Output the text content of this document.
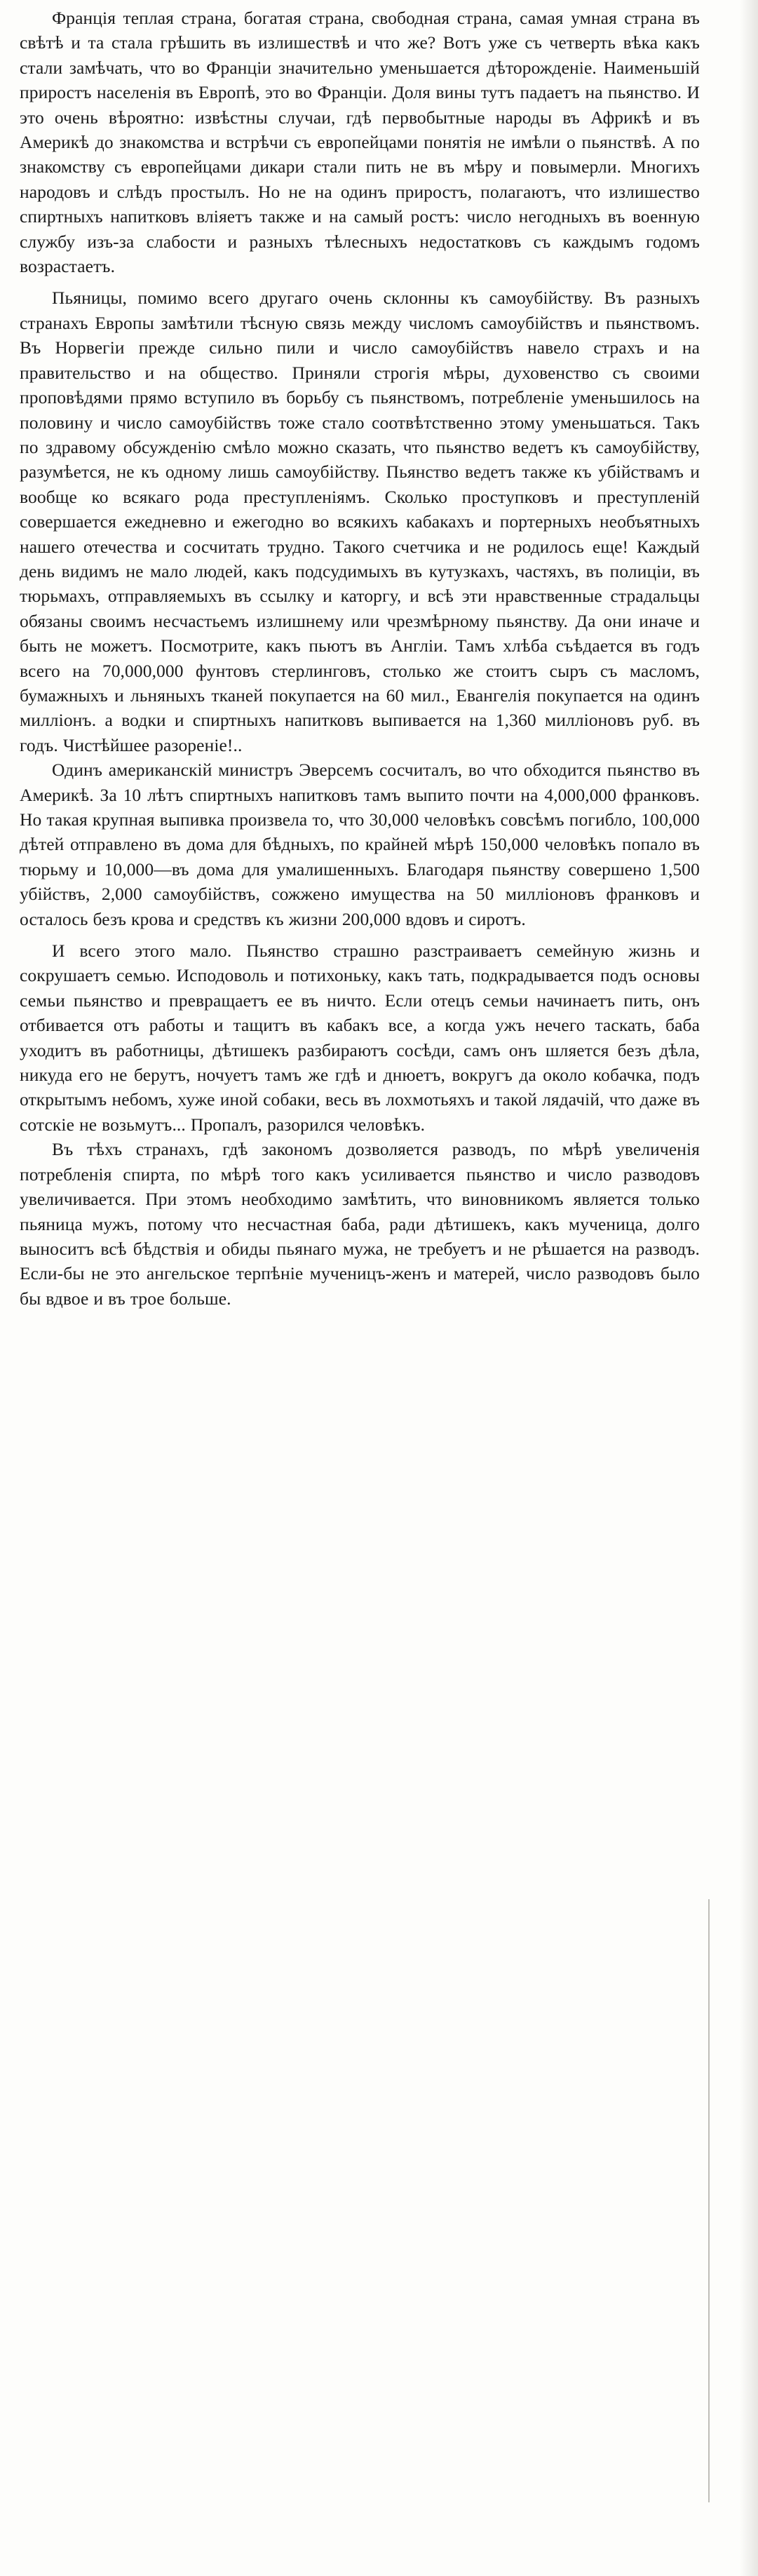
Франція теплая страна, богатая страна, свободная страна, самая умная страна въ свѣтѣ и та стала грѣшить въ излишествѣ и что же? Вотъ уже съ четверть вѣка какъ стали замѣчать, что во Франціи значительно уменьшается дѣторожденіе. Наименьшій приростъ населенія въ Европѣ, это во Франціи. Доля вины тутъ падаетъ на пьянство. И это очень вѣроятно: извѣстны случаи, гдѣ первобытные народы въ Африкѣ и въ Америкѣ до знакомства и встрѣчи съ европейцами понятія не имѣли о пьянствѣ. А по знакомству съ европейцами дикари стали пить не въ мѣру и повымерли. Многихъ народовъ и слѣдъ простылъ. Но не на одинъ приростъ, полагаютъ, что излишество спиртныхъ напитковъ вліяетъ также и на самый ростъ: число негодныхъ въ военную службу изъ-за слабости и разныхъ тѣлесныхъ недостатковъ съ каждымъ годомъ возрастаетъ.

Пьяницы, помимо всего другаго очень склонны къ самоубійству. Въ разныхъ странахъ Европы замѣтили тѣсную связь между числомъ самоубійствъ и пьянствомъ. Въ Норвегіи прежде сильно пили и число самоубійствъ навело страхъ и на правительство и на общество. Приняли строгія мѣры, духовенство съ своими проповѣдями прямо вступило въ борьбу съ пьянствомъ, потребленіе уменьшилось на половину и число самоубійствъ тоже стало соотвѣтственно этому уменьшаться. Такъ по здравому обсужденію смѣло можно сказать, что пьянство ведетъ къ самоубійству, разумѣется, не къ одному лишь самоубійству. Пьянство ведетъ также къ убійствамъ и вообще ко всякаго рода преступленіямъ. Сколько проступковъ и преступленій совершается ежедневно и ежегодно во всякихъ кабакахъ и портерныхъ необъятныхъ нашего отечества и сосчитать трудно. Такого счетчика и не родилось еще! Каждый день видимъ не мало людей, какъ подсудимыхъ въ кутузкахъ, частяхъ, въ полиціи, въ тюрьмахъ, отправляемыхъ въ ссылку и каторгу, и всѣ эти нравственные страдальцы обязаны своимъ несчастьемъ излишнему или чрезмѣрному пьянству. Да они иначе и быть не можетъ. Посмотрите, какъ пьютъ въ Англіи. Тамъ хлѣба съѣдается въ годъ всего на 70,000,000 фунтовъ стерлинговъ, столько же стоитъ сыръ съ масломъ, бумажныхъ и льняныхъ тканей покупается на 60 мил., Евангелія покупается на одинъ милліонъ. а водки и спиртныхъ напитковъ выпивается на 1,360 милліоновъ руб. въ годъ. Чистѣйшее разореніе!..

Одинъ американскій министръ Эверсемъ сосчиталъ, во что обходится пьянство въ Америкѣ. За 10 лѣтъ спиртныхъ напитковъ тамъ выпито почти на 4,000,000 франковъ. Но такая крупная выпивка произвела то, что 30,000 человѣкъ совсѣмъ погибло, 100,000 дѣтей отправлено въ дома для бѣдныхъ, по крайней мѣрѣ 150,000 человѣкъ попало въ тюрьму и 10,000—въ дома для умалишенныхъ. Благодаря пьянству совершено 1,500 убійствъ, 2,000 самоубійствъ, сожжено имущества на 50 милліоновъ франковъ и осталось безъ крова и средствъ къ жизни 200,000 вдовъ и сиротъ.

И всего этого мало. Пьянство страшно разстраиваетъ семейную жизнь и сокрушаетъ семью. Исподоволь и потихоньку, какъ тать, подкрадывается подъ основы семьи пьянство и превращаетъ ее въ ничто. Если отецъ семьи начинаетъ пить, онъ отбивается отъ работы и тащитъ въ кабакъ все, а когда ужъ нечего таскать, баба уходитъ въ работницы, дѣтишекъ разбираютъ сосѣди, самъ онъ шляется безъ дѣла, никуда его не берутъ, ночуетъ тамъ же гдѣ и днюетъ, вокругъ да около кобачка, подъ открытымъ небомъ, хуже иной собаки, весь въ лохмотьяхъ и такой лядачій, что даже въ сотскіе не возьмутъ... Пропалъ, разорился человѣкъ.

Въ тѣхъ странахъ, гдѣ закономъ дозволяется разводъ, по мѣрѣ увеличенія потребленія спирта, по мѣрѣ того какъ усиливается пьянство и число разводовъ увеличивается. При этомъ необходимо замѣтить, что виновникомъ является только пьяница мужъ, потому что несчастная баба, ради дѣтишекъ, какъ мученица, долго выноситъ всѣ бѣдствія и обиды пьянаго мужа, не требуетъ и не рѣшается на разводъ. Если-бы не это ангельское терпѣніе мученицъ-женъ и матерей, число разводовъ было бы вдвое и въ трое больше.
